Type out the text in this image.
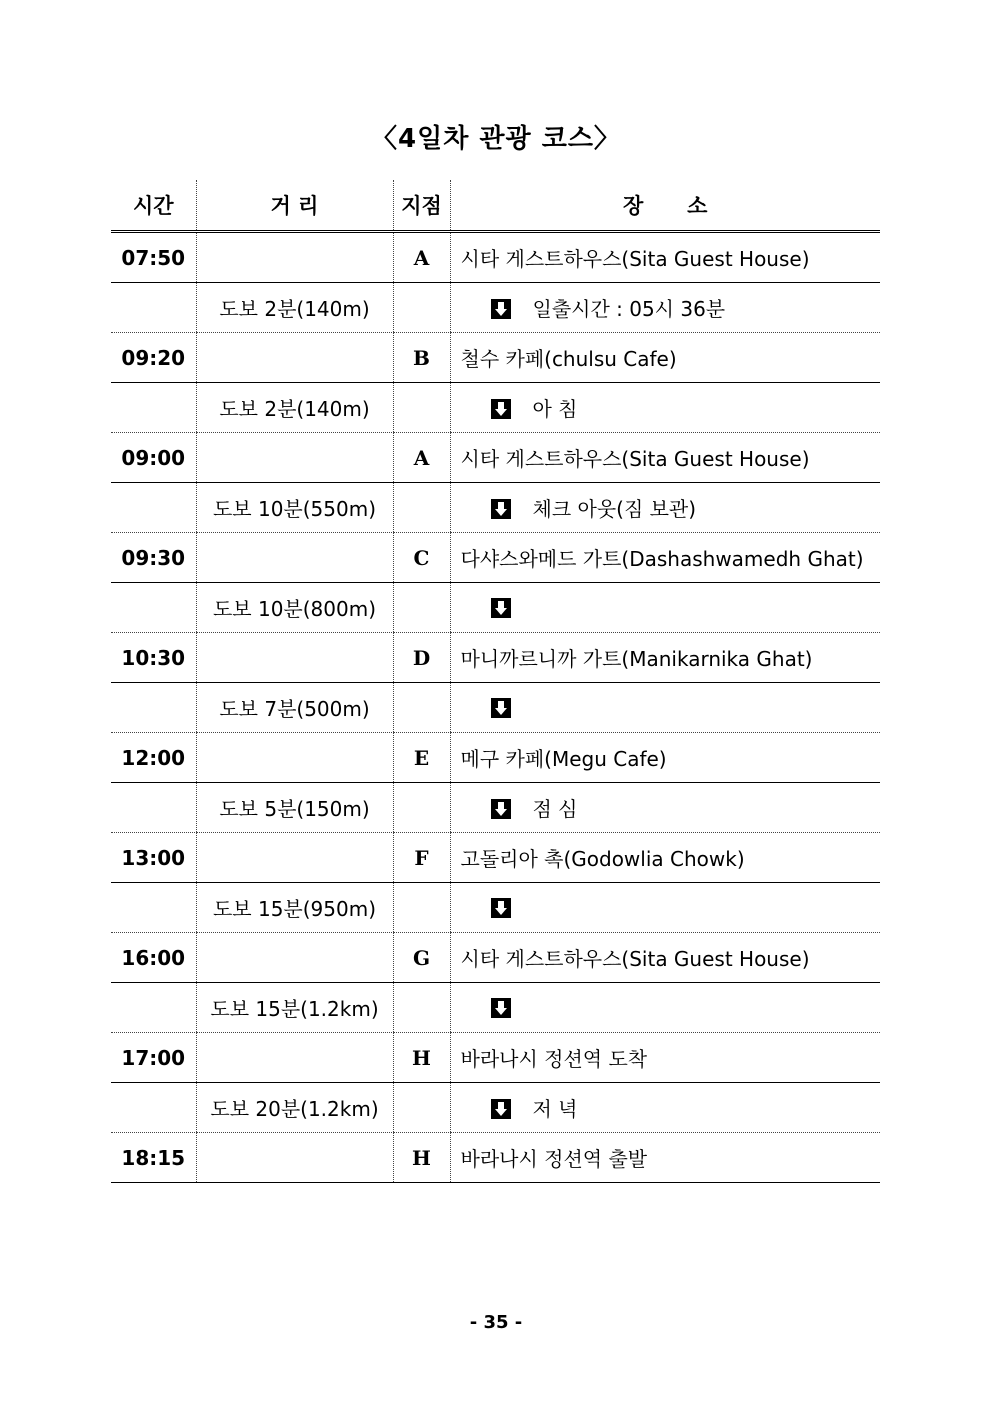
〈4일차 관광 코스〉
시간	거 리	지점	장      소
07:50		A	시타 게스트하우스(Sita Guest House)
	도보 2분(140m)		일출시간 : 05시 36분
09:20		B	철수 카페(chulsu Cafe)
	도보 2분(140m)		아 침
09:00		A	시타 게스트하우스(Sita Guest House)
	도보 10분(550m)		체크 아웃(짐 보관)
09:30		C	다샤스와메드 가트(Dashashwamedh Ghat)
	도보 10분(800m)		
10:30		D	마니까르니까 가트(Manikarnika Ghat)
	도보 7분(500m)		
12:00		E	메구 카페(Megu Cafe)
	도보 5분(150m)		점 심
13:00		F	고돌리아 촉(Godowlia Chowk)
	도보 15분(950m)		
16:00		G	시타 게스트하우스(Sita Guest House)
	도보 15분(1.2km)		
17:00		H	바라나시 정션역 도착
	도보 20분(1.2km)		저 녁
18:15		H	바라나시 정션역 출발
- 35 -
